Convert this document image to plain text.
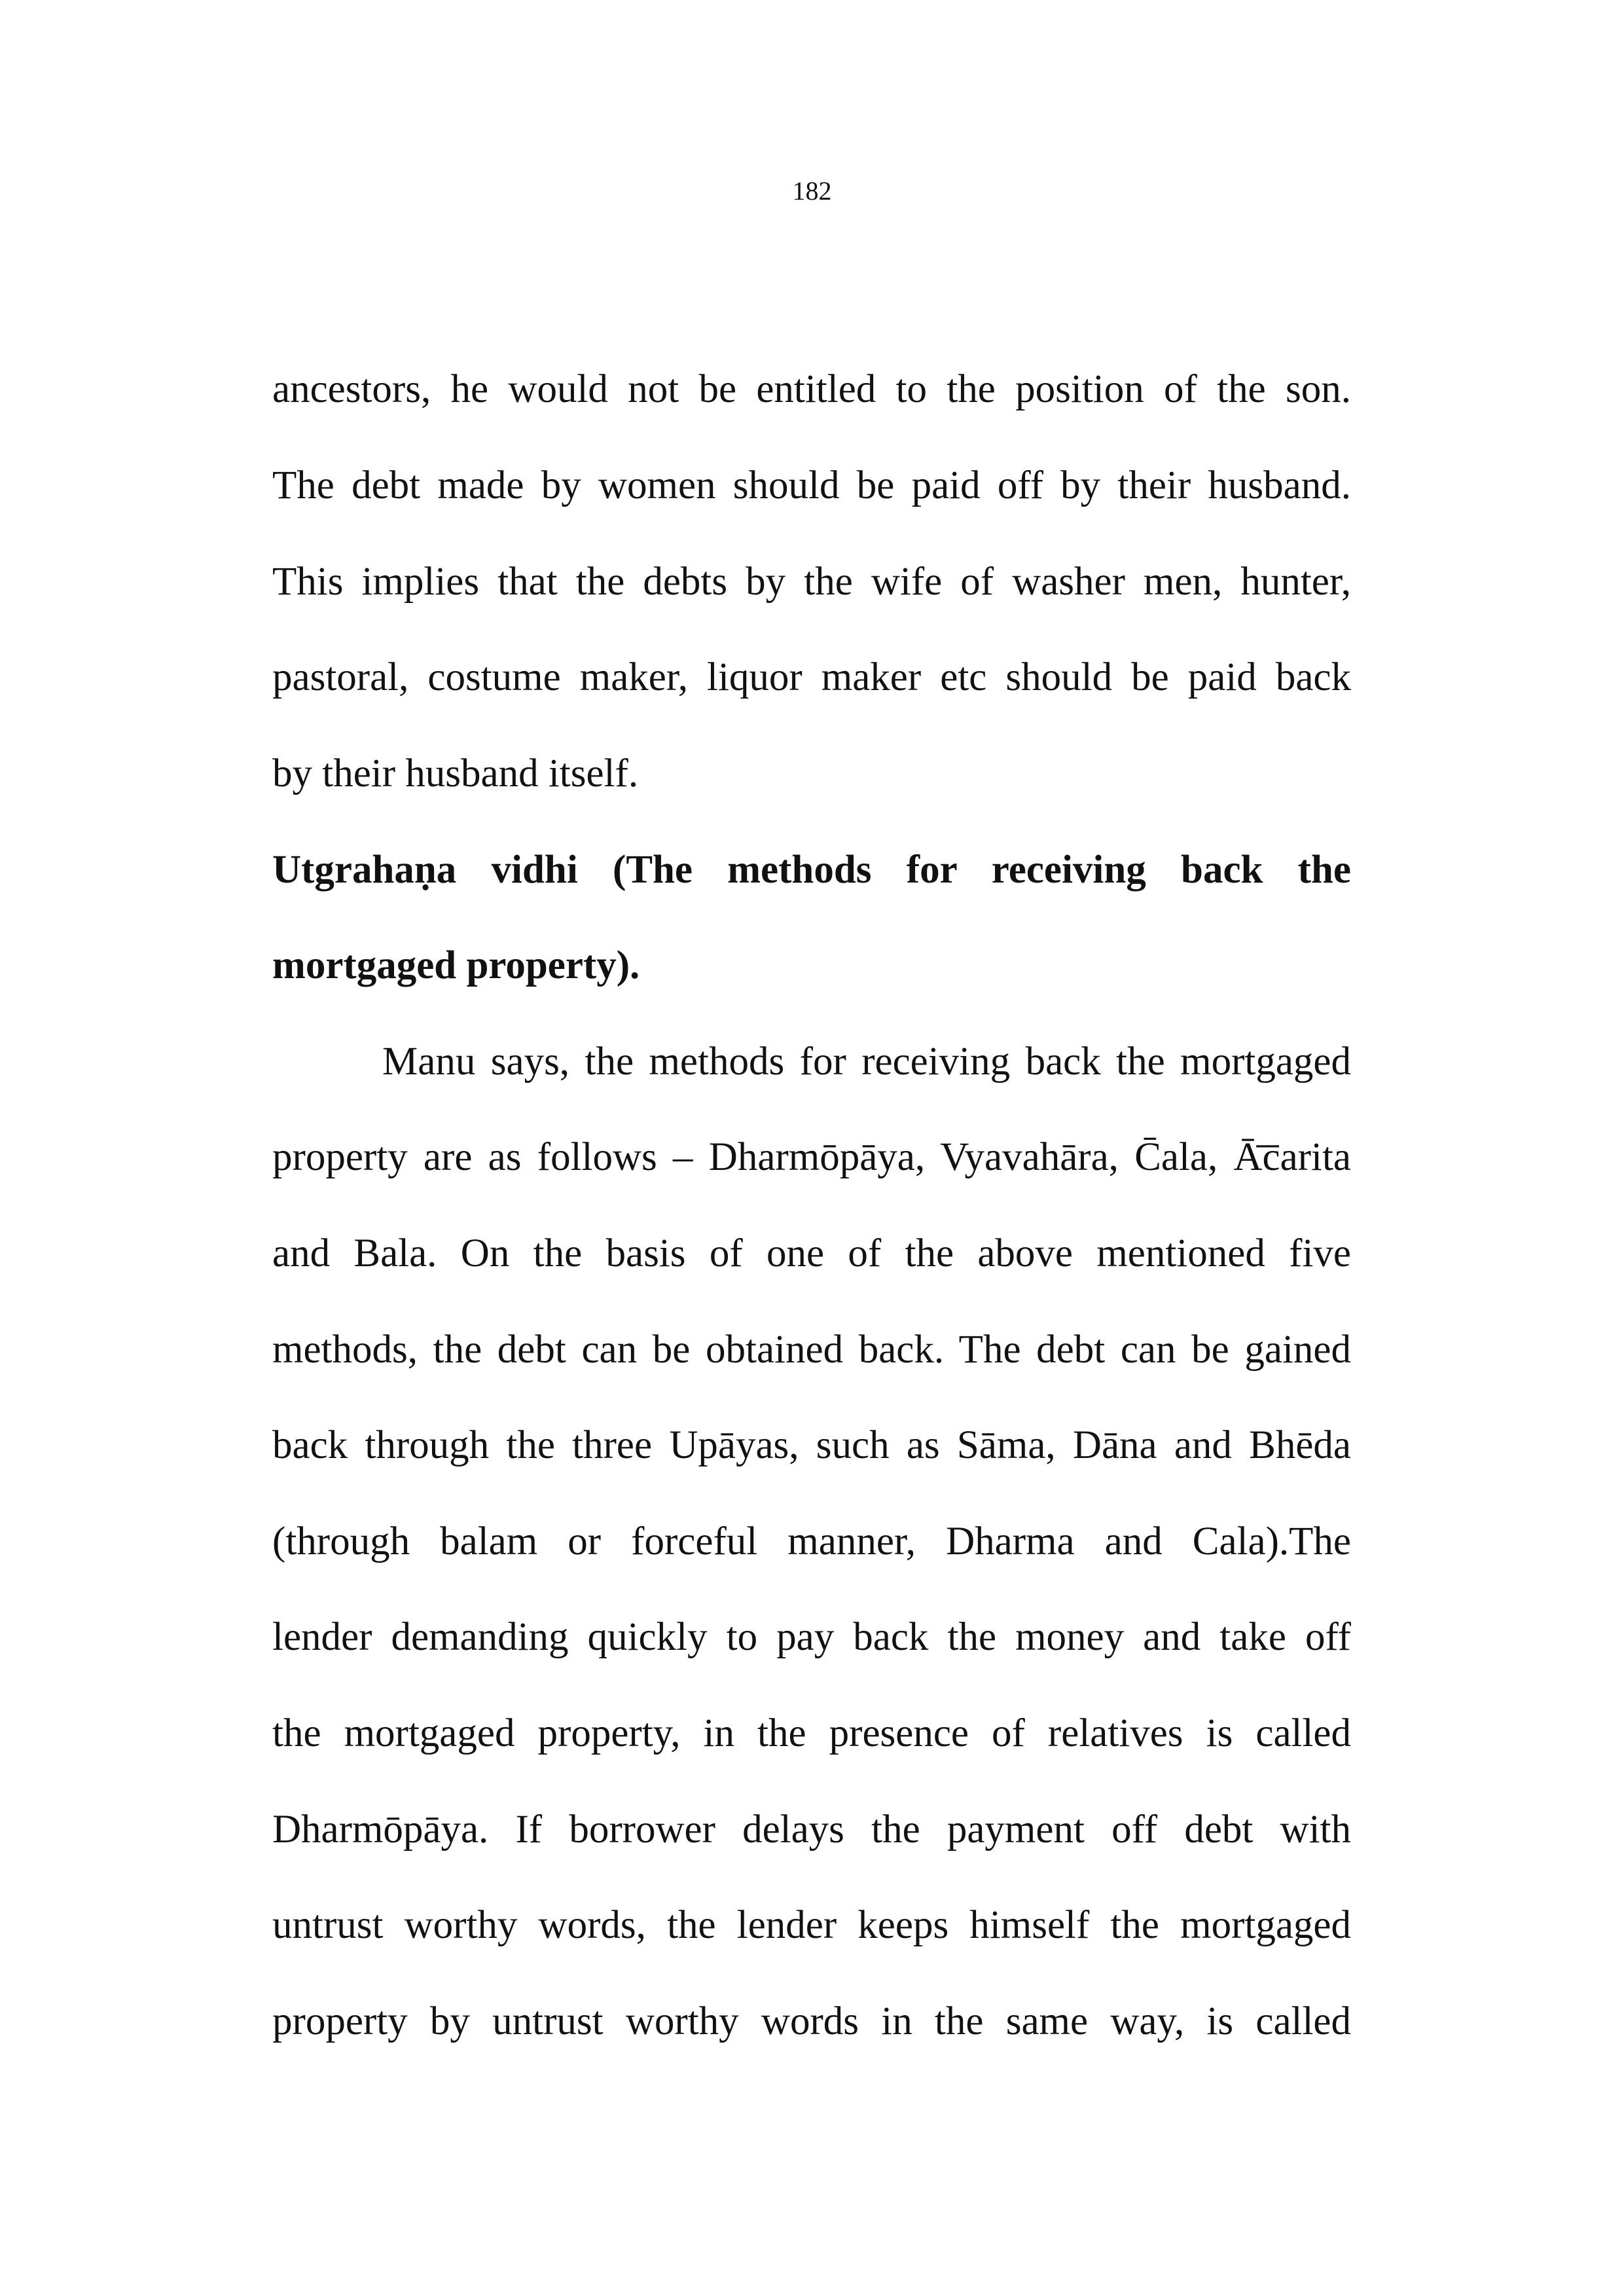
182
ancestors, he would not be entitled to the position of the son.
The debt made by women should be paid off by their husband.
This implies that the debts by the wife of washer men, hunter,
pastoral, costume maker, liquor maker etc should be paid back
by their husband itself.
Utgrahaṇa vidhi (The methods for receiving back the
mortgaged property).
Manu says, the methods for receiving back the mortgaged
property are as follows – Dharmōpāya, Vyavahāra, C̄ala, Ā̄c̄arita
and Bala. On the basis of one of the above mentioned five
methods, the debt can be obtained back. The debt can be gained
back through the three Upāyas, such as Sāma, Dāna and Bhēda
(through balam or forceful manner, Dharma and Cala).The
lender demanding quickly to pay back the money and take off
the mortgaged property, in the presence of relatives is called
Dharmōpāya. If borrower delays the payment off debt with
untrust worthy words, the lender keeps himself the mortgaged
property by untrust worthy words in the same way, is called
